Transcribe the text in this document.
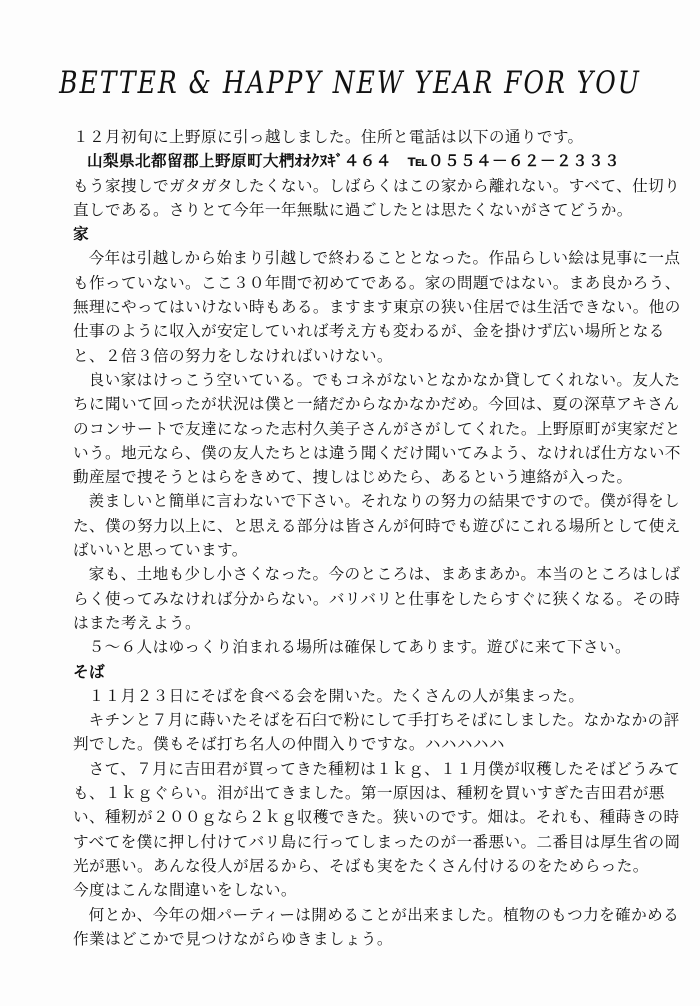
BETTER & HAPPY NEW YEAR FOR YOU

１２月初旬に上野原に引っ越しました。住所と電話は以下の通りです。

山梨県北都留郡上野原町大椚ｵｵｸﾇｷﾞ４６４　℡０５５４－６２－２３３３

もう家捜しでガタガタしたくない。しばらくはこの家から離れない。すべて、仕切り直しである。さりとて今年一年無駄に過ごしたとは思たくないがさてどうか。

家

今年は引越しから始まり引越しで終わることとなった。作品らしい絵は見事に一点も作っていない。ここ３０年間で初めてである。家の問題ではない。まあ良かろう、無理にやってはいけない時もある。ますます東京の狭い住居では生活できない。他の仕事のように収入が安定していれば考え方も変わるが、金を掛けず広い場所となると、２倍３倍の努力をしなければいけない。

良い家はけっこう空いている。でもコネがないとなかなか貸してくれない。友人たちに聞いて回ったが状況は僕と一緒だからなかなかだめ。今回は、夏の深草アキさんのコンサートで友達になった志村久美子さんがさがしてくれた。上野原町が実家だという。地元なら、僕の友人たちとは違う聞くだけ聞いてみよう、なければ仕方ない不動産屋で捜そうとはらをきめて、捜しはじめたら、あるという連絡が入った。

羨ましいと簡単に言わないで下さい。それなりの努力の結果ですので。僕が得をした、僕の努力以上に、と思える部分は皆さんが何時でも遊びにこれる場所として使えばいいと思っています。

家も、土地も少し小さくなった。今のところは、まあまあか。本当のところはしばらく使ってみなければ分からない。バリバリと仕事をしたらすぐに狭くなる。その時はまた考えよう。

５～６人はゆっくり泊まれる場所は確保してあります。遊びに来て下さい。

そば

１１月２３日にそばを食べる会を開いた。たくさんの人が集まった。

キチンと７月に蒔いたそばを石臼で粉にして手打ちそばにしました。なかなかの評判でした。僕もそば打ち名人の仲間入りですな。ハハハハハ

さて、７月に吉田君が買ってきた種籾は１ｋｇ、１１月僕が収穫したそばどうみても、１ｋｇぐらい。泪が出てきました。第一原因は、種籾を買いすぎた吉田君が悪い、種籾が２００ｇなら２ｋｇ収穫できた。狭いのです。畑は。それも、種蒔きの時すべてを僕に押し付けてバリ島に行ってしまったのが一番悪い。二番目は厚生省の岡光が悪い。あんな役人が居るから、そばも実をたくさん付けるのをためらった。

今度はこんな間違いをしない。

何とか、今年の畑パーティーは開めることが出来ました。植物のもつ力を確かめる作業はどこかで見つけながらゆきましょう。
